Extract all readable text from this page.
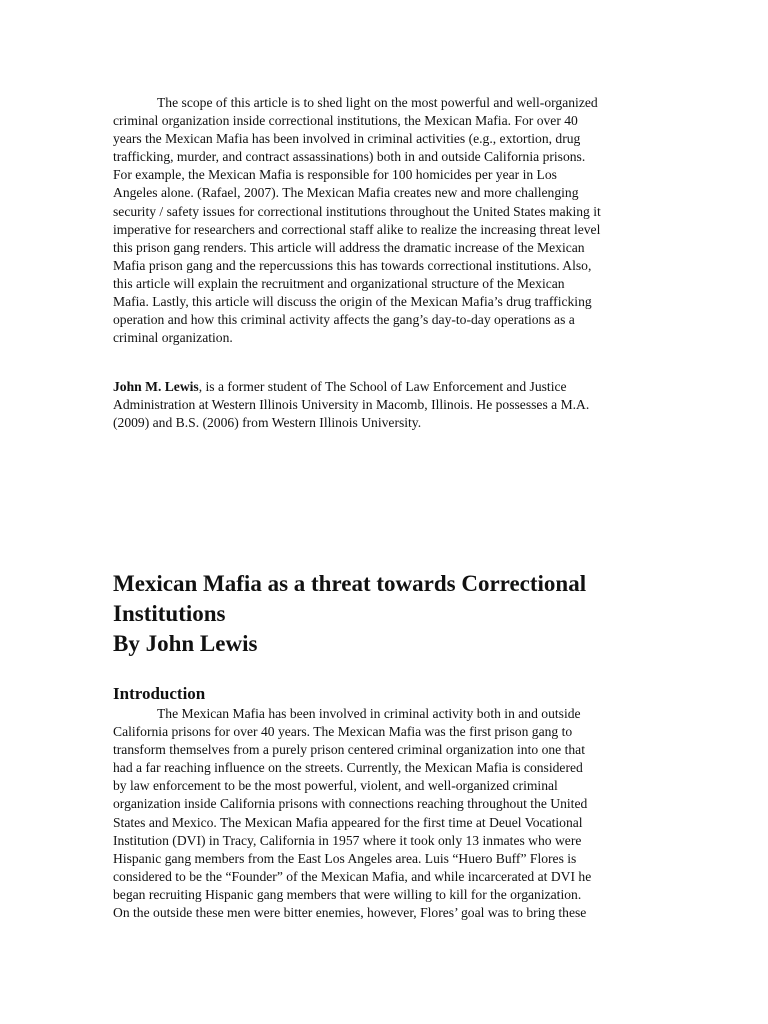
The scope of this article is to shed light on the most powerful and well-organized
criminal organization inside correctional institutions, the Mexican Mafia. For over 40
years the Mexican Mafia has been involved in criminal activities (e.g., extortion, drug
trafficking, murder, and contract assassinations) both in and outside California prisons.
For example, the Mexican Mafia is responsible for 100 homicides per year in Los
Angeles alone. (Rafael, 2007). The Mexican Mafia creates new and more challenging
security / safety issues for correctional institutions throughout the United States making it
imperative for researchers and correctional staff alike to realize the increasing threat level
this prison gang renders. This article will address the dramatic increase of the Mexican
Mafia prison gang and the repercussions this has towards correctional institutions. Also,
this article will explain the recruitment and organizational structure of the Mexican
Mafia. Lastly, this article will discuss the origin of the Mexican Mafia’s drug trafficking
operation and how this criminal activity affects the gang’s day-to-day operations as a
criminal organization.

John M. Lewis, is a former student of The School of Law Enforcement and Justice
Administration at Western Illinois University in Macomb, Illinois. He possesses a M.A.
(2009) and B.S. (2006) from Western Illinois University.

Mexican Mafia as a threat towards Correctional
Institutions
By John Lewis
Introduction

The Mexican Mafia has been involved in criminal activity both in and outside
California prisons for over 40 years. The Mexican Mafia was the first prison gang to
transform themselves from a purely prison centered criminal organization into one that
had a far reaching influence on the streets. Currently, the Mexican Mafia is considered
by law enforcement to be the most powerful, violent, and well-organized criminal
organization inside California prisons with connections reaching throughout the United
States and Mexico. The Mexican Mafia appeared for the first time at Deuel Vocational
Institution (DVI) in Tracy, California in 1957 where it took only 13 inmates who were
Hispanic gang members from the East Los Angeles area. Luis “Huero Buff” Flores is
considered to be the “Founder” of the Mexican Mafia, and while incarcerated at DVI he
began recruiting Hispanic gang members that were willing to kill for the organization.
On the outside these men were bitter enemies, however, Flores’ goal was to bring these
